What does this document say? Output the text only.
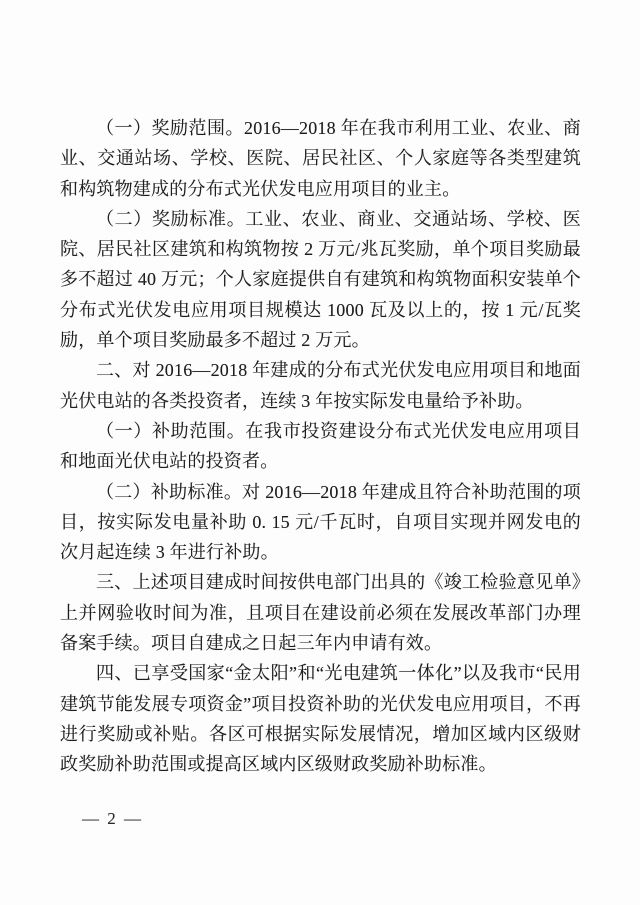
（一）奖励范围。2016—2018 年在我市利用工业、农业、商业、交通站场、学校、医院、居民社区、个人家庭等各类型建筑和构筑物建成的分布式光伏发电应用项目的业主。

（二）奖励标准。工业、农业、商业、交通站场、学校、医院、居民社区建筑和构筑物按 2 万元/兆瓦奖励，单个项目奖励最多不超过 40 万元；个人家庭提供自有建筑和构筑物面积安装单个分布式光伏发电应用项目规模达 1000 瓦及以上的，按 1 元/瓦奖励，单个项目奖励最多不超过 2 万元。

二、对 2016—2018 年建成的分布式光伏发电应用项目和地面光伏电站的各类投资者，连续 3 年按实际发电量给予补助。

（一）补助范围。在我市投资建设分布式光伏发电应用项目和地面光伏电站的投资者。

（二）补助标准。对 2016—2018 年建成且符合补助范围的项目，按实际发电量补助 0. 15 元/千瓦时，自项目实现并网发电的次月起连续 3 年进行补助。

三、上述项目建成时间按供电部门出具的《竣工检验意见单》上并网验收时间为准，且项目在建设前必须在发展改革部门办理备案手续。项目自建成之日起三年内申请有效。

四、已享受国家“金太阳”和“光电建筑一体化”以及我市“民用建筑节能发展专项资金”项目投资补助的光伏发电应用项目，不再进行奖励或补贴。各区可根据实际发展情况，增加区域内区级财政奖励补助范围或提高区域内区级财政奖励补助标准。

— 2 —
